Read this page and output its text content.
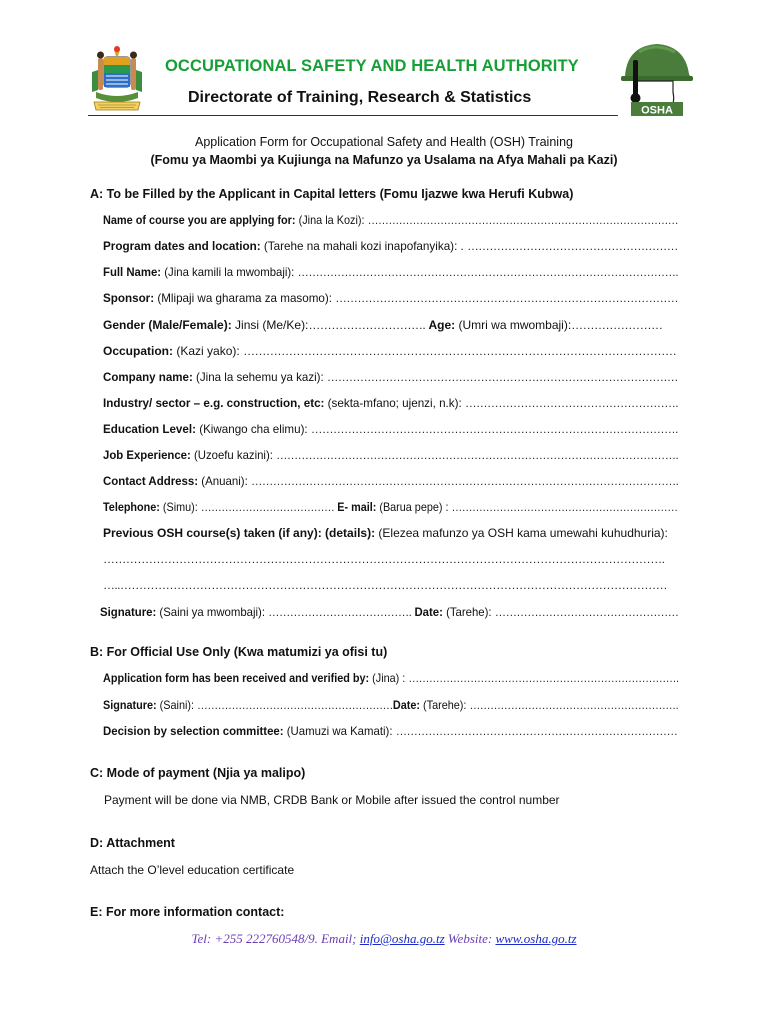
OCCUPATIONAL SAFETY AND HEALTH AUTHORITY
Directorate of Training, Research & Statistics
OSHA
Application Form for Occupational Safety and Health (OSH) Training
(Fomu ya Maombi ya Kujiunga na Mafunzo ya Usalama na Afya Mahali pa Kazi)
A: To be Filled by the Applicant in Capital letters (Fomu Ijazwe kwa Herufi Kubwa)
Name of course you are applying for: (Jina la Kozi): ………………………………………………………………………………
Program dates and location: (Tarehe na mahali kozi inapofanyika): . …………………………………………………
Full Name: (Jina kamili la mwombaji): …………………………………………………………………………………………….
Sponsor: (Mlipaji wa gharama za masomo): …………………………………………………………………………………
Gender (Male/Female): Jinsi (Me/Ke):…………………………. Age: (Umri wa mwombaji):……………………
Occupation: (Kazi yako): ……………………………………………………………………………………………………
Company name: (Jina la sehemu ya kazi): ……………………………………………………………………………………
Industry/ sector – e.g. construction, etc: (sekta-mfano; ujenzi, n.k): ………………………………………………….
Education Level: (Kiwango cha elimu): ……………………………………………………………………………………….
Job Experience: (Uzoefu kazini): ………………………………………………………………………………………………….
Contact Address: (Anuani): ……………………………………………………………………………………………………….
Telephone: (Simu): ………………………………… E- mail: (Barua pepe) : …………………………………………………………
Previous OSH course(s) taken (if any): (details): (Elezea mafunzo ya OSH kama umewahi kuhudhuria):
………………………………………………………………………………………………………………………………….
…..………………………………………………………………………………………………………………………………
Signature: (Saini ya mwombaji): …………………………………. Date: (Tarehe): ……………………………………………
B: For Official Use Only (Kwa matumizi ya ofisi tu)
Application form has been received and verified by: (Jina) : …………………………………………………………………….
Signature: (Saini): …………………………………………………Date: (Tarehe): …………………………………………………….
Decision by selection committee: (Uamuzi wa Kamati): ……………………………………………………………………
C: Mode of payment (Njia ya malipo)
Payment will be done via NMB, CRDB Bank or Mobile after issued the control number
D: Attachment
Attach the O’level education certificate
E: For more information contact:
Tel: +255 222760548/9. Email; info@osha.go.tz Website: www.osha.go.tz
